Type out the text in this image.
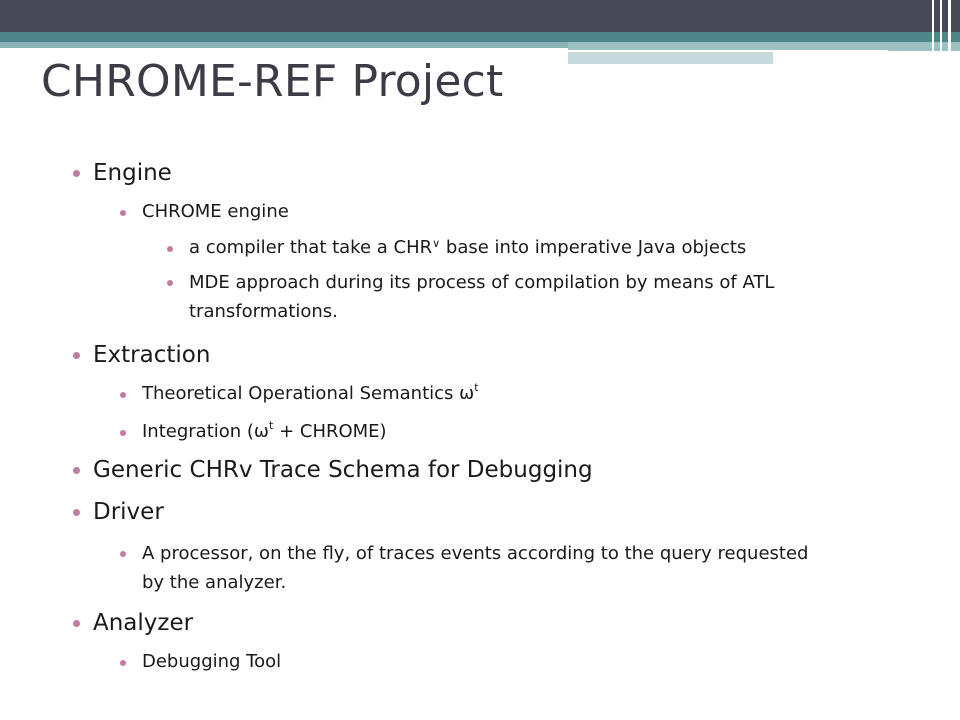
CHROME-REF Project
Engine
CHROME engine
a compiler that take a CHR∨ base into imperative Java objects
MDE approach during its process of compilation by means of ATL transformations.
Extraction
Theoretical Operational Semantics $\omega^t$
Integration ($\omega^t$ + CHROME)
Generic CHRv Trace Schema for Debugging
Driver
A processor, on the fly, of traces events according to the query requested by the analyzer.
Analyzer
Debugging Tool
